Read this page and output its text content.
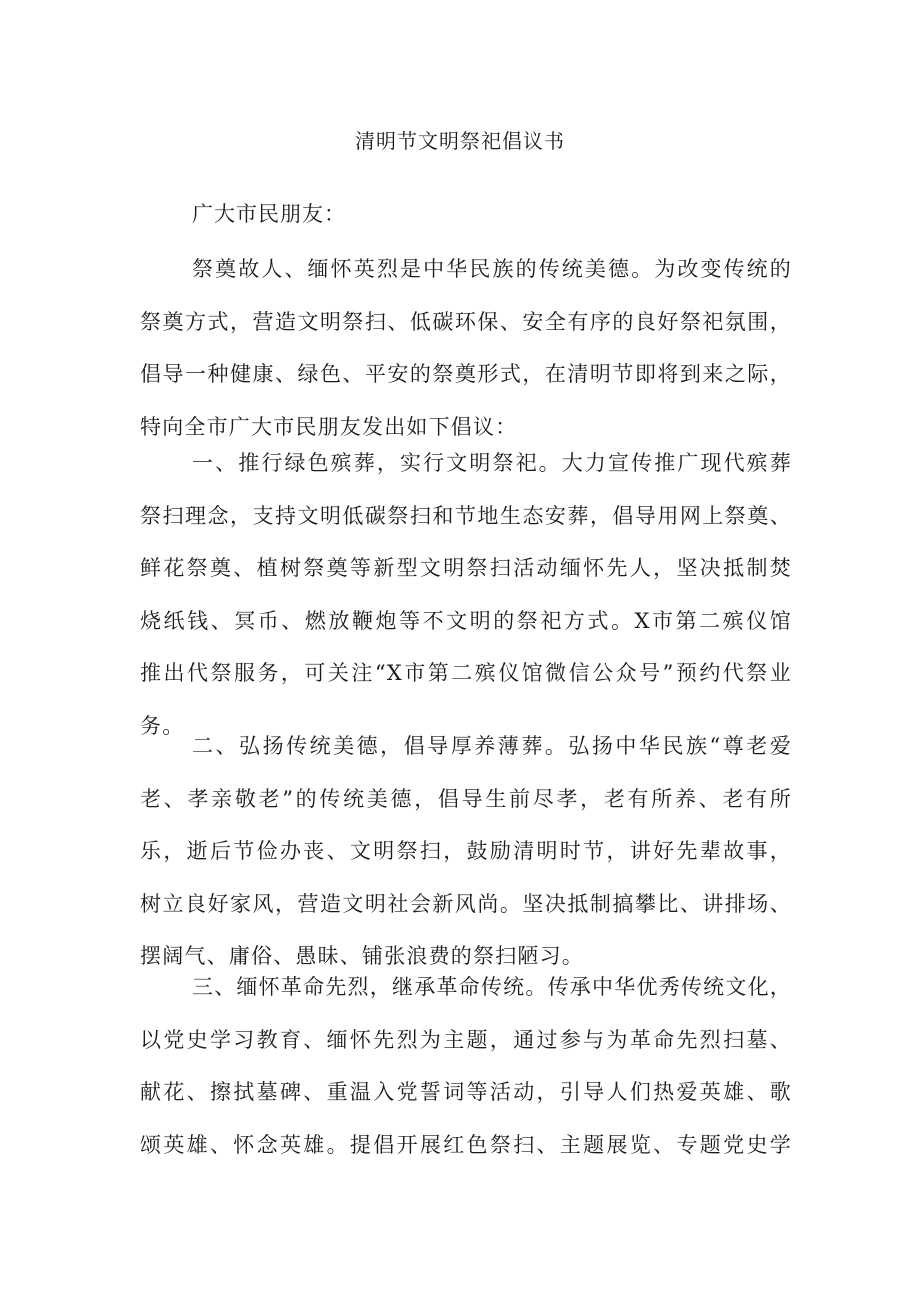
清明节文明祭祀倡议书

广大市民朋友：

祭奠故人、缅怀英烈是中华民族的传统美德。为改变传统的
祭奠方式，营造文明祭扫、低碳环保、安全有序的良好祭祀氛围，
倡导一种健康、绿色、平安的祭奠形式，在清明节即将到来之际，
特向全市广大市民朋友发出如下倡议：
一、推行绿色殡葬，实行文明祭祀。大力宣传推广现代殡葬
祭扫理念，支持文明低碳祭扫和节地生态安葬，倡导用网上祭奠、
鲜花祭奠、植树祭奠等新型文明祭扫活动缅怀先人，坚决抵制焚
烧纸钱、冥币、燃放鞭炮等不文明的祭祀方式。X市第二殡仪馆
推出代祭服务，可关注“X市第二殡仪馆微信公众号”预约代祭业
务。
二、弘扬传统美德，倡导厚养薄葬。弘扬中华民族“尊老爱
老、孝亲敬老”的传统美德，倡导生前尽孝，老有所养、老有所
乐，逝后节俭办丧、文明祭扫，鼓励清明时节，讲好先辈故事，
树立良好家风，营造文明社会新风尚。坚决抵制搞攀比、讲排场、
摆阔气、庸俗、愚昧、铺张浪费的祭扫陋习。
三、缅怀革命先烈，继承革命传统。传承中华优秀传统文化，
以党史学习教育、缅怀先烈为主题，通过参与为革命先烈扫墓、
献花、擦拭墓碑、重温入党誓词等活动，引导人们热爱英雄、歌
颂英雄、怀念英雄。提倡开展红色祭扫、主题展览、专题党史学
